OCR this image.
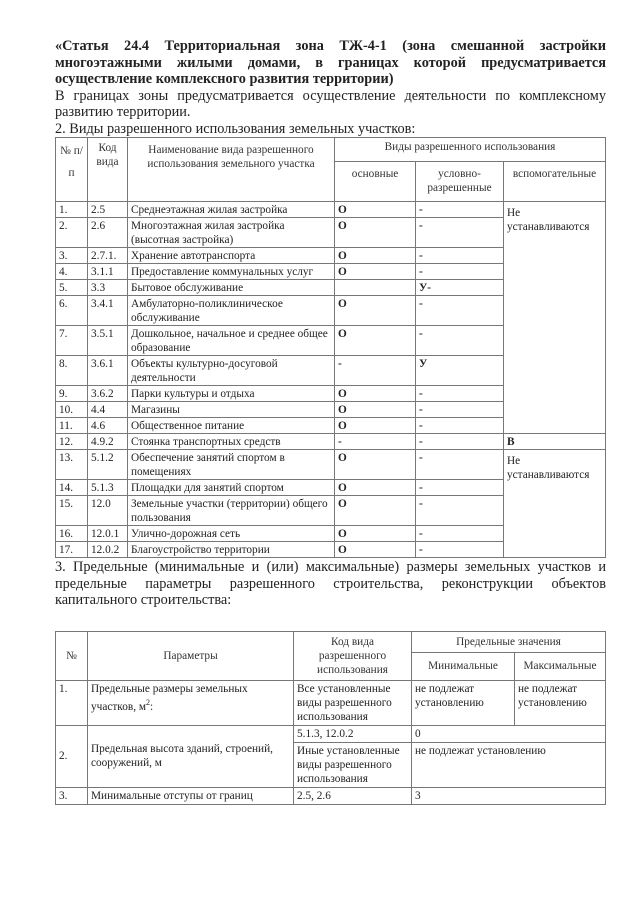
«Статья 24.4 Территориальная зона ТЖ-4-1 (зона смешанной застройки
многоэтажными жилыми домами, в границах которой предусматривается
осуществление комплексного развития территории)

В границах зоны предусматривается осуществление деятельности по комплексному
развитию территории.

2. Виды разрешенного использования земельных участков:

№ п/п	Код вида	Наименование вида разрешенного использования земельного участка	Виды разрешенного использования		
			основные	условно-разрешенные	вспомогательные
1.	2.5	Среднеэтажная жилая застройка	О	-	Не устанавливаются
2.	2.6	Многоэтажная жилая застройка (высотная застройка)	О	-	
3.	2.7.1.	Хранение автотранспорта	О	-	
4.	3.1.1	Предоставление коммунальных услуг	О	-	
5.	3.3	Бытовое обслуживание		У-	
6.	3.4.1	Амбулаторно-поликлиническое обслуживание	О	-	
7.	3.5.1	Дошкольное, начальное и среднее общее образование	О	-	
8.	3.6.1	Объекты культурно-досуговой деятельности	-	У	
9.	3.6.2	Парки культуры и отдыха	О	-	
10.	4.4	Магазины	О	-	
11.	4.6	Общественное питание	О	-	
12.	4.9.2	Стоянка транспортных средств	-	-	В
13.	5.1.2	Обеспечение занятий спортом в помещениях	О	-	Не устанавливаются
14.	5.1.3	Площадки для занятий спортом	О	-	
15.	12.0	Земельные участки (территории) общего пользования	О	-	
16.	12.0.1	Улично-дорожная сеть	О	-	
17.	12.0.2	Благоустройство территории	О	-	

3. Предельные (минимальные и (или) максимальные) размеры земельных участков и
предельные параметры разрешенного строительства, реконструкции объектов
капитального строительства:

№	Параметры	Код вида разрешенного использования	Предельные значения	
			Минимальные	Максимальные
1.	Предельные размеры земельных участков, $м^2$:	Все установленные виды разрешенного использования	не подлежат установлению	не подлежат установлению
2.	Предельная высота зданий, строений, сооружений, м	5.1.3, 12.0.2	0	
		Иные установленные виды разрешенного использования	не подлежат установлению	
3.	Минимальные отступы от границ	2.5, 2.6	3	
